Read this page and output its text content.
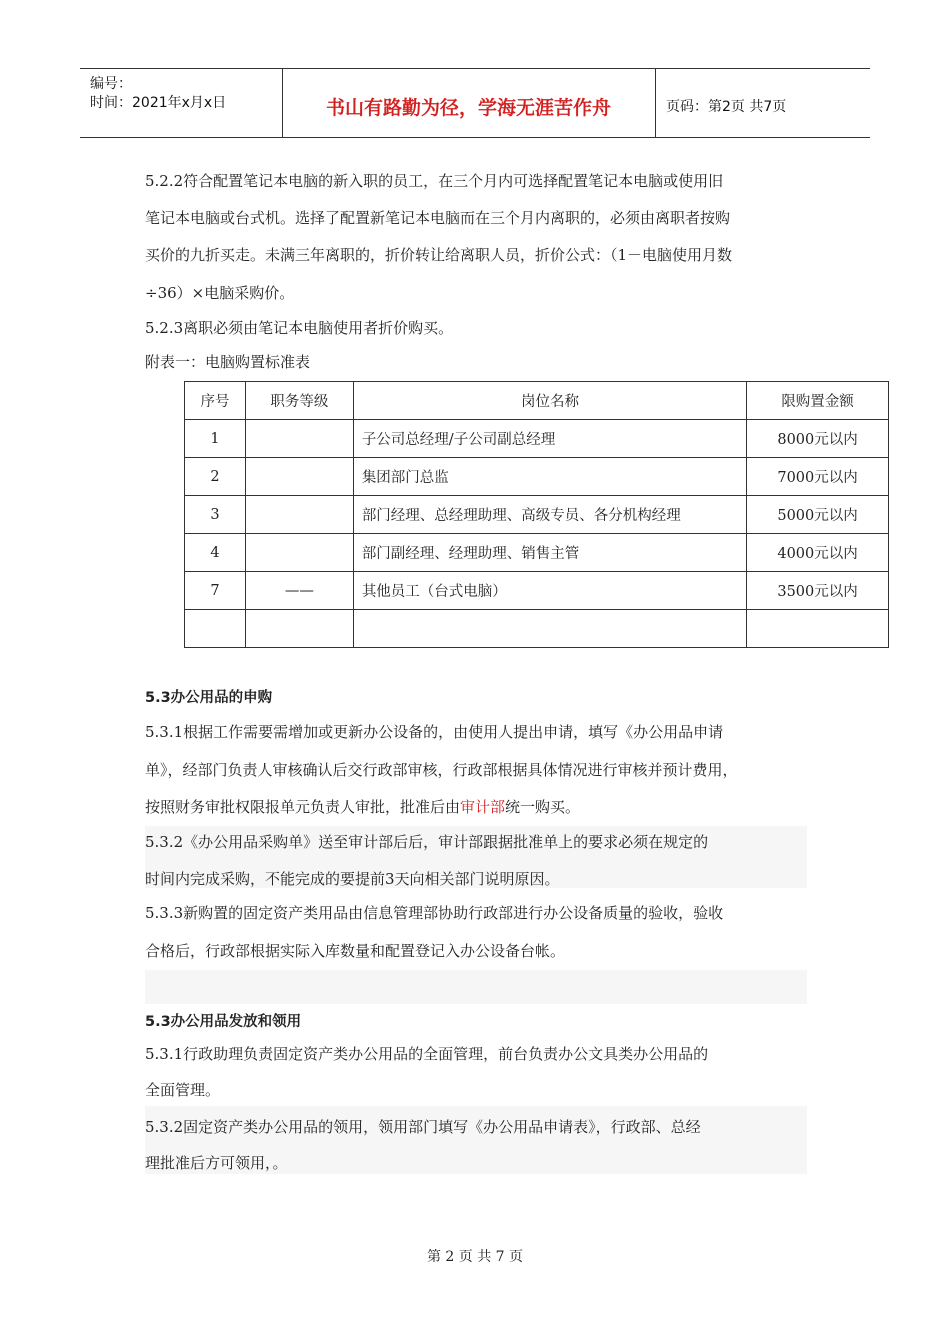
编号：
时间：2021年x月x日	书山有路勤为径，学海无涯苦作舟	页码：第2页 共7页
5.2.2符合配置笔记本电脑的新入职的员工，在三个月内可选择配置笔记本电脑或使用旧
笔记本电脑或台式机。选择了配置新笔记本电脑而在三个月内离职的，必须由离职者按购
买价的九折买走。未满三年离职的，折价转让给离职人员，折价公式：（1－电脑使用月数
÷36）×电脑采购价。
5.2.3离职必须由笔记本电脑使用者折价购买。
附表一：电脑购置标准表
序号	职务等级	岗位名称	限购置金额
1		子公司总经理/子公司副总经理	8000元以内
2		集团部门总监	7000元以内
3		部门经理、总经理助理、高级专员、各分机构经理	5000元以内
4		部门副经理、经理助理、销售主管	4000元以内
7	——	其他员工（台式电脑）	3500元以内

5.3办公用品的申购
5.3.1根据工作需要需增加或更新办公设备的，由使用人提出申请，填写《办公用品申请
单》，经部门负责人审核确认后交行政部审核，行政部根据具体情况进行审核并预计费用，
按照财务审批权限报单元负责人审批，批准后由审计部统一购买。
5.3.2《办公用品采购单》送至审计部后后，审计部跟据批准单上的要求必须在规定的
时间内完成采购，不能完成的要提前3天向相关部门说明原因。
5.3.3新购置的固定资产类用品由信息管理部协助行政部进行办公设备质量的验收，验收
合格后，行政部根据实际入库数量和配置登记入办公设备台帐。
5.3办公用品发放和领用
5.3.1行政助理负责固定资产类办公用品的全面管理，前台负责办公文具类办公用品的
全面管理。
5.3.2固定资产类办公用品的领用，领用部门填写《办公用品申请表》，行政部、总经
理批准后方可领用，。
第 2 页 共 7 页
